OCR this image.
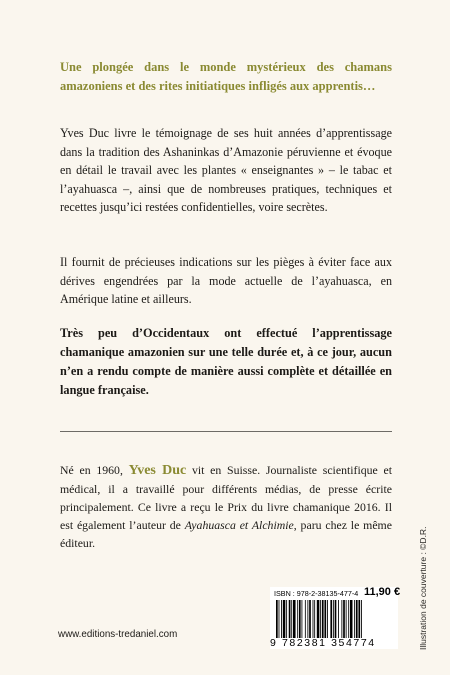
Une plongée dans le monde mystérieux des chamans amazoniens et des rites initiatiques infligés aux apprentis…

Yves Duc livre le témoignage de ses huit années d’apprentissage dans la tradition des Ashaninkas d’Amazonie péruvienne et évoque en détail le travail avec les plantes « enseignantes » – le tabac et l’ayahuasca –, ainsi que de nombreuses pratiques, techniques et recettes jusqu’ici restées confidentielles, voire secrètes.

Il fournit de précieuses indications sur les pièges à éviter face aux dérives engendrées par la mode actuelle de l’ayahuasca, en Amérique latine et ailleurs.

Très peu d’Occidentaux ont effectué l’apprentissage chamanique amazonien sur une telle durée et, à ce jour, aucun n’en a rendu compte de manière aussi complète et détaillée en langue française.

Né en 1960, Yves Duc vit en Suisse. Journaliste scientifique et médical, il a travaillé pour différents médias, de presse écrite principalement. Ce livre a reçu le Prix du livre chamanique 2016. Il est également l’auteur de Ayahuasca et Alchimie, paru chez le même éditeur.	Illustration de couverture : ©D.R.
ISBN : 978-2-38135-477-4 11,90 €
9 782381 354774
www.editions-tredaniel.com
